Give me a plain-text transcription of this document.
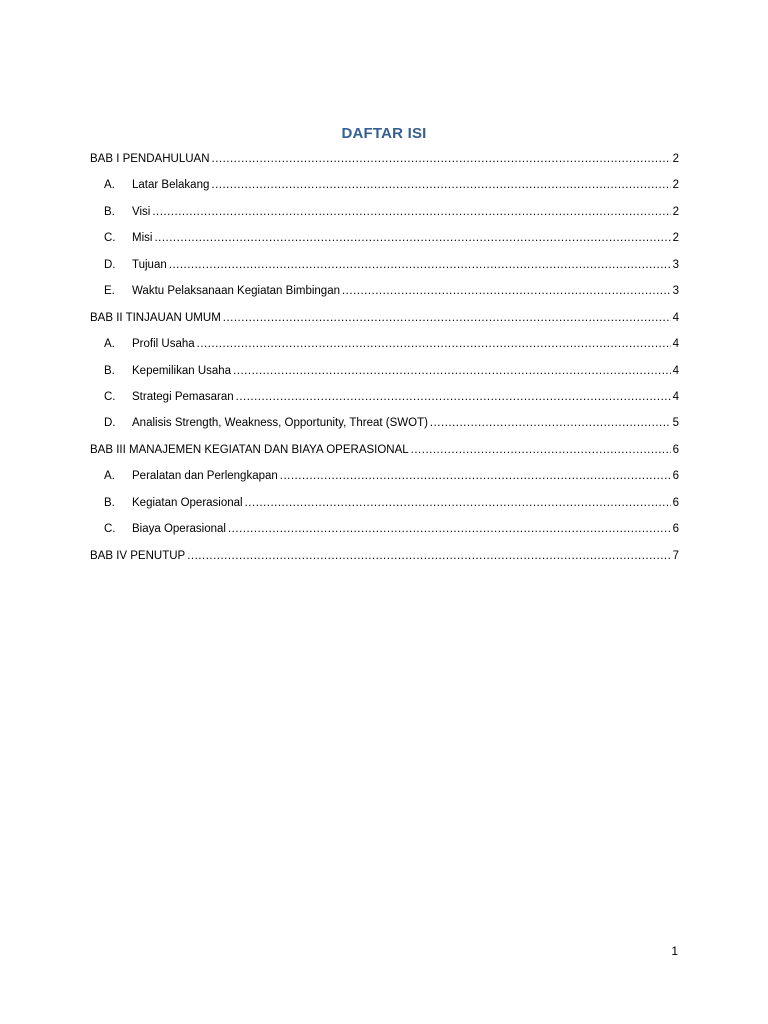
DAFTAR ISI
BAB I PENDAHULUAN .....	2
A.	Latar Belakang .....	2
B.	Visi .....	2
C.	Misi .....	2
D.	Tujuan .....	3
E.	Waktu Pelaksanaan Kegiatan Bimbingan .....	3
BAB II TINJAUAN UMUM .....	4
A.	Profil Usaha .....	4
B.	Kepemilikan Usaha .....	4
C.	Strategi Pemasaran .....	4
D.	Analisis Strength, Weakness, Opportunity, Threat (SWOT) .....	5
BAB III MANAJEMEN KEGIATAN DAN BIAYA OPERASIONAL .....	6
A.	Peralatan dan Perlengkapan .....	6
B.	Kegiatan Operasional .....	6
C.	Biaya Operasional .....	6
BAB IV PENUTUP .....	7
1
